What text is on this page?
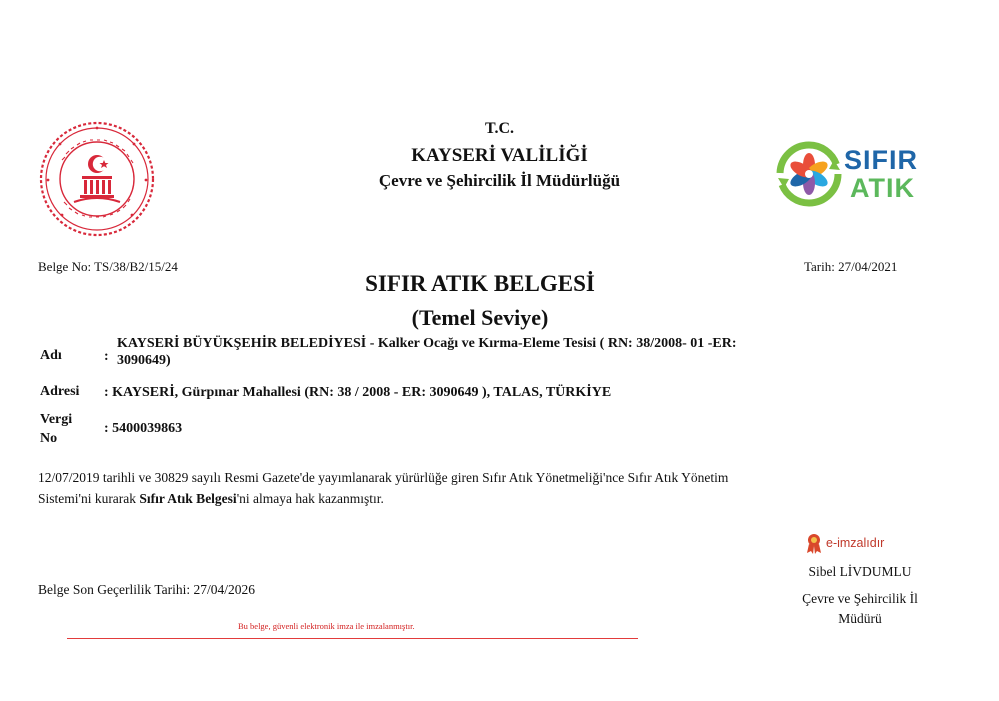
T.C.
KAYSERİ VALİLİĞİ
Çevre ve Şehircilik İl Müdürlüğü
SIFIR
ATIK
Belge No: TS/38/B2/15/24	Tarih: 27/04/2021
SIFIR ATIK BELGESİ
(Temel Seviye)
Adı	:
KAYSERİ BÜYÜKŞEHİR BELEDİYESİ - Kalker Ocağı ve Kırma-Eleme Tesisi ( RN: 38/2008- 01 -ER:
3090649)
Adresi : KAYSERİ, Gürpınar Mahallesi (RN: 38 / 2008 - ER: 3090649 ), TALAS, TÜRKİYE
Vergi
No
: 5400039863
12/07/2019 tarihli ve 30829 sayılı Resmi Gazete'de yayımlanarak yürürlüğe giren Sıfır Atık Yönetmeliği'nce Sıfır Atık Yönetim
Sistemi'ni kurarak Sıfır Atık Belgesi'ni almaya hak kazanmıştır.
Belge Son Geçerlilik Tarihi: 27/04/2026
Bu belge, güvenli elektronik imza ile imzalanmıştır.
e-imzalıdır
Sibel LİVDUMLU
Çevre ve Şehircilik İl
Müdürü
